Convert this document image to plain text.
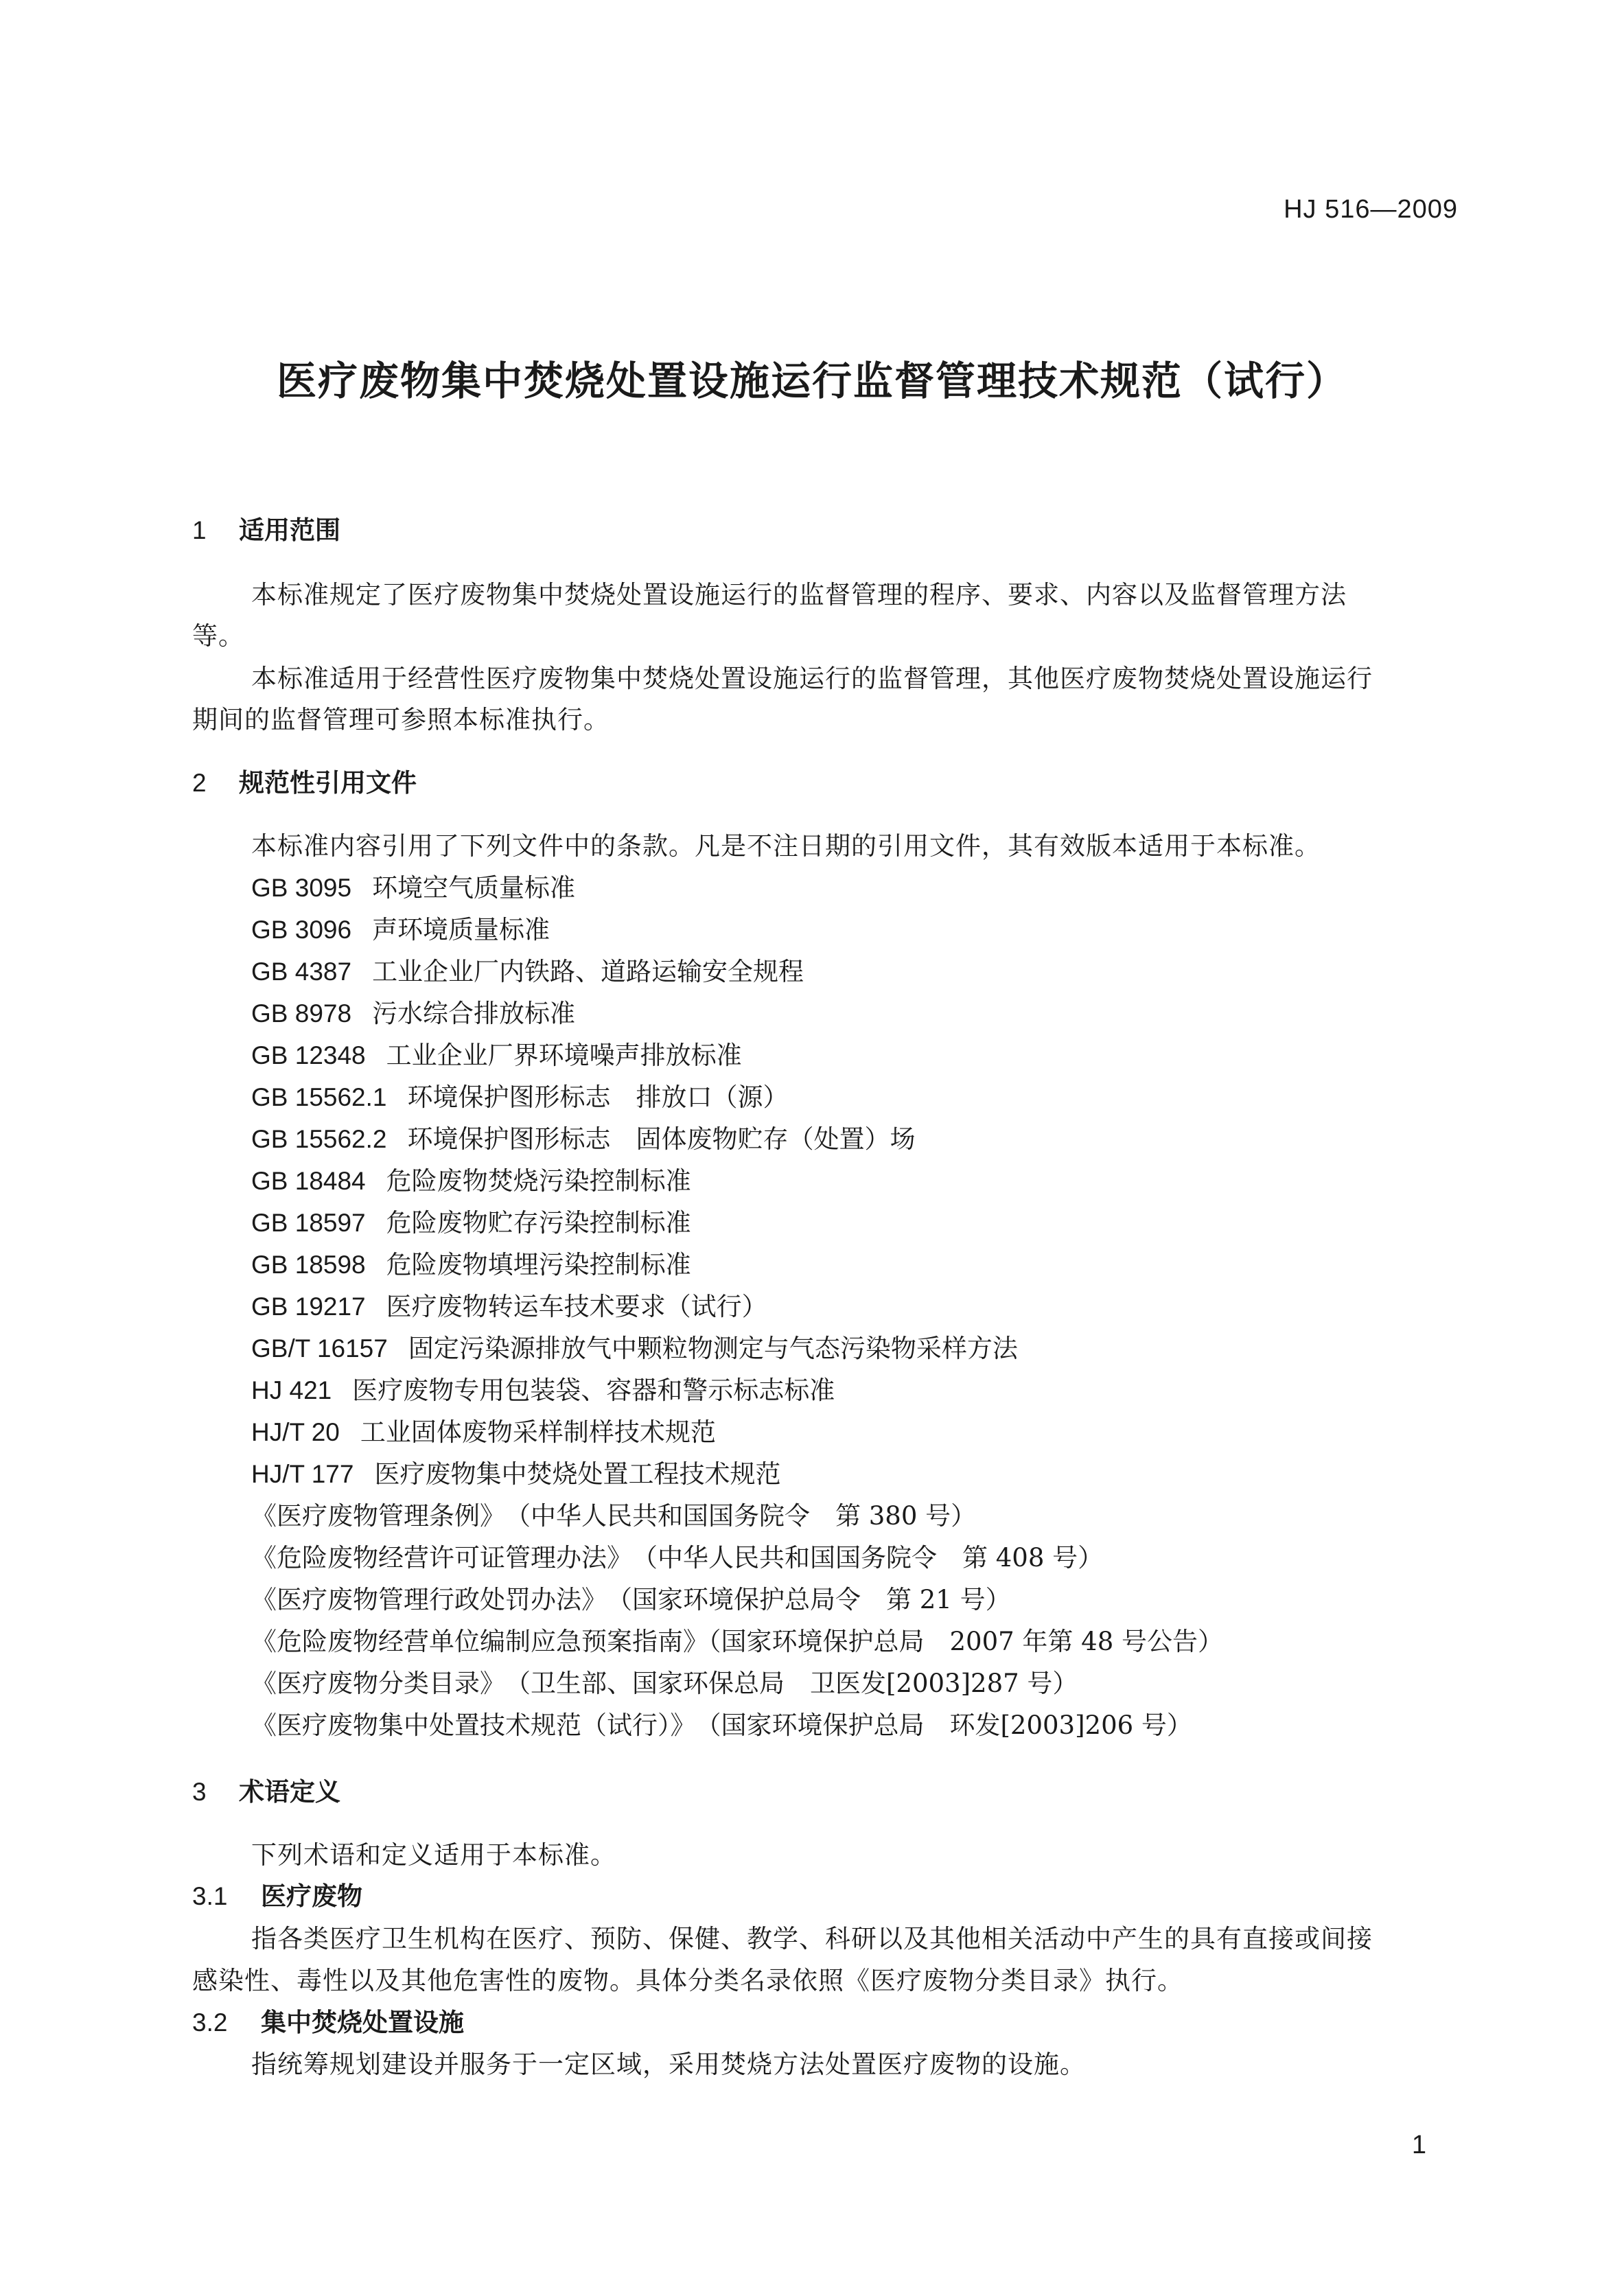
HJ 516—2009
医疗废物集中焚烧处置设施运行监督管理技术规范（试行）
1 适用范围
本标准规定了医疗废物集中焚烧处置设施运行的监督管理的程序、要求、内容以及监督管理方法
等。
本标准适用于经营性医疗废物集中焚烧处置设施运行的监督管理，其他医疗废物焚烧处置设施运行
期间的监督管理可参照本标准执行。
2 规范性引用文件
本标准内容引用了下列文件中的条款。凡是不注日期的引用文件，其有效版本适用于本标准。
GB 3095 环境空气质量标准
GB 3096 声环境质量标准
GB 4387 工业企业厂内铁路、道路运输安全规程
GB 8978 污水综合排放标准
GB 12348 工业企业厂界环境噪声排放标准
GB 15562.1 环境保护图形标志　排放口（源）
GB 15562.2 环境保护图形标志　固体废物贮存（处置）场
GB 18484 危险废物焚烧污染控制标准
GB 18597 危险废物贮存污染控制标准
GB 18598 危险废物填埋污染控制标准
GB 19217 医疗废物转运车技术要求（试行）
GB/T 16157 固定污染源排放气中颗粒物测定与气态污染物采样方法
HJ 421 医疗废物专用包装袋、容器和警示标志标准
HJ/T 20 工业固体废物采样制样技术规范
HJ/T 177 医疗废物集中焚烧处置工程技术规范
《医疗废物管理条例》　（中华人民共和国国务院令　第 380 号）
《危险废物经营许可证管理办法》　（中华人民共和国国务院令　第 408 号）
《医疗废物管理行政处罚办法》　（国家环境保护总局令　第 21 号）
《危险废物经营单位编制应急预案指南》（国家环境保护总局　2007 年第 48 号公告）
《医疗废物分类目录》　（卫生部、国家环保总局　卫医发[2003]287 号）
《医疗废物集中处置技术规范（试行）》　（国家环境保护总局　环发[2003]206 号）
3 术语定义
下列术语和定义适用于本标准。
3.1 医疗废物
指各类医疗卫生机构在医疗、预防、保健、教学、科研以及其他相关活动中产生的具有直接或间接
感染性、毒性以及其他危害性的废物。具体分类名录依照《医疗废物分类目录》执行。
3.2 集中焚烧处置设施
指统筹规划建设并服务于一定区域，采用焚烧方法处置医疗废物的设施。
1
